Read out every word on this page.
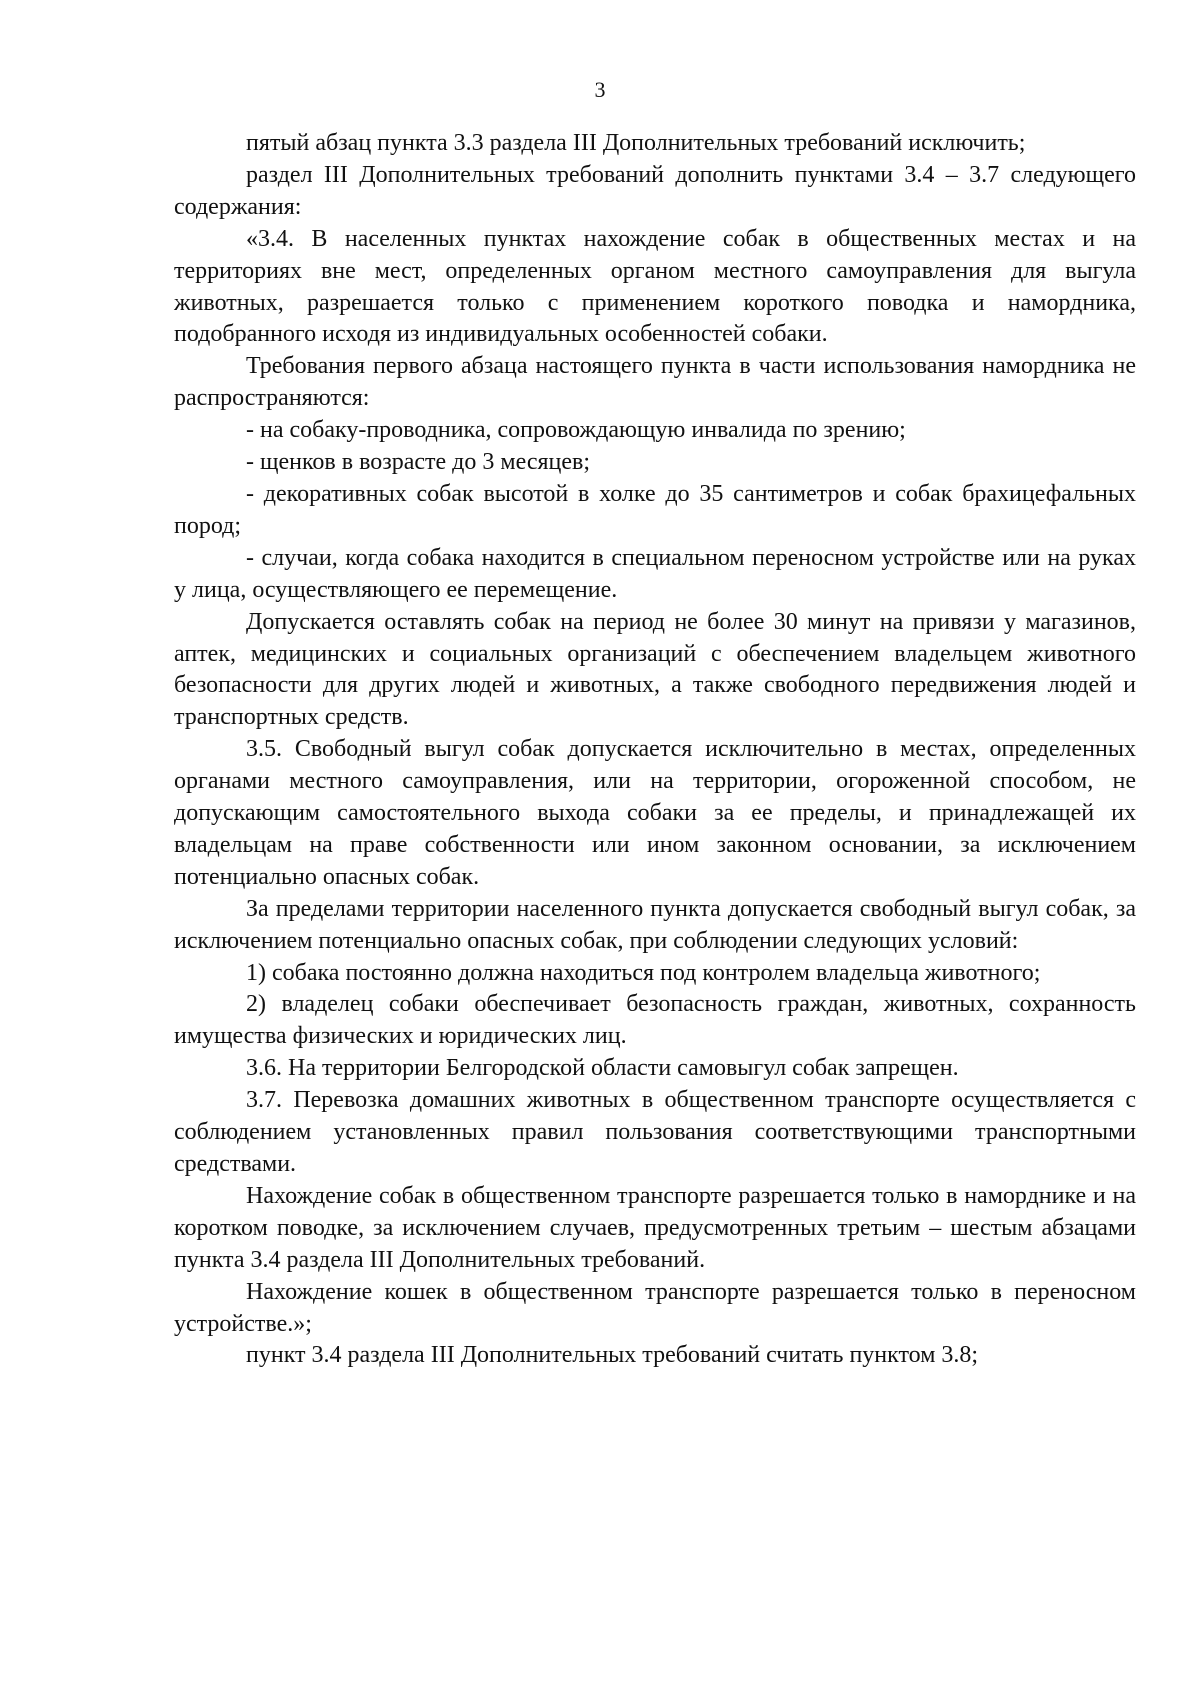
3

пятый абзац пункта 3.3 раздела III Дополнительных требований исключить;

раздел III Дополнительных требований дополнить пунктами 3.4 – 3.7 следующего содержания:

«3.4. В населенных пунктах нахождение собак в общественных местах и на территориях вне мест, определенных органом местного самоуправления для выгула животных, разрешается только с применением короткого поводка и намордника, подобранного исходя из индивидуальных особенностей собаки.

Требования первого абзаца настоящего пункта в части использования намордника не распространяются:

- на собаку-проводника, сопровождающую инвалида по зрению;

- щенков в возрасте до 3 месяцев;

- декоративных собак высотой в холке до 35 сантиметров и собак брахицефальных пород;

- случаи, когда собака находится в специальном переносном устройстве или на руках у лица, осуществляющего ее перемещение.

Допускается оставлять собак на период не более 30 минут на привязи у магазинов, аптек, медицинских и социальных организаций с обеспечением владельцем животного безопасности для других людей и животных, а также свободного передвижения людей и транспортных средств.

3.5. Свободный выгул собак допускается исключительно в местах, определенных органами местного самоуправления, или на территории, огороженной способом, не допускающим самостоятельного выхода собаки за ее пределы, и принадлежащей их владельцам на праве собственности или ином законном основании, за исключением потенциально опасных собак.

За пределами территории населенного пункта допускается свободный выгул собак, за исключением потенциально опасных собак, при соблюдении следующих условий:

1) собака постоянно должна находиться под контролем владельца животного;

2) владелец собаки обеспечивает безопасность граждан, животных, сохранность имущества физических и юридических лиц.

3.6. На территории Белгородской области самовыгул собак запрещен.

3.7. Перевозка домашних животных в общественном транспорте осуществляется с соблюдением установленных правил пользования соответствующими транспортными средствами.

Нахождение собак в общественном транспорте разрешается только в наморднике и на коротком поводке, за исключением случаев, предусмотренных третьим – шестым абзацами пункта 3.4 раздела III Дополнительных требований.

Нахождение кошек в общественном транспорте разрешается только в переносном устройстве.»;

пункт 3.4 раздела III Дополнительных требований считать пунктом 3.8;
